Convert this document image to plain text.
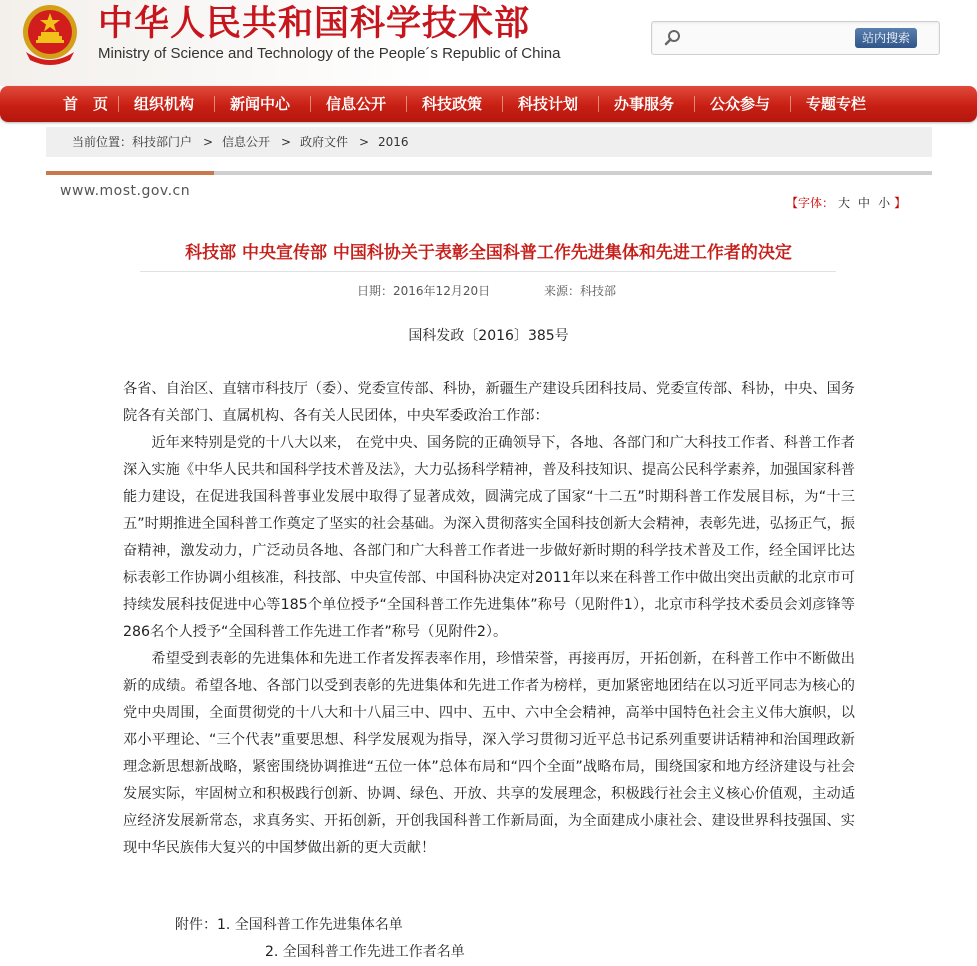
中华人民共和国科学技术部
Ministry of Science and Technology of the People´s Republic of China
站内搜索
首　页 组织机构 新闻中心 信息公开 科技政策 科技计划 办事服务 公众参与 专题专栏
当前位置： 科技部门户 > 信息公开 > 政府文件 > 2016
www.most.gov.cn
【字体： 大 中 小 】
科技部 中央宣传部 中国科协关于表彰全国科普工作先进集体和先进工作者的决定
日期：2016年12月20日	来源：科技部
国科发政〔2016〕385号

各省、自治区、直辖市科技厅（委）、党委宣传部、科协，新疆生产建设兵团科技局、党委宣传部、科协，中央、国务院各有关部门、直属机构、各有关人民团体，中央军委政治工作部：

近年来特别是党的十八大以来， 在党中央、国务院的正确领导下，各地、各部门和广大科技工作者、科普工作者深入实施《中华人民共和国科学技术普及法》，大力弘扬科学精神，普及科技知识、提高公民科学素养，加强国家科普能力建设，在促进我国科普事业发展中取得了显著成效，圆满完成了国家“十二五”时期科普工作发展目标，为“十三五”时期推进全国科普工作奠定了坚实的社会基础。为深入贯彻落实全国科技创新大会精神，表彰先进，弘扬正气，振奋精神，激发动力，广泛动员各地、各部门和广大科普工作者进一步做好新时期的科学技术普及工作，经全国评比达标表彰工作协调小组核准，科技部、中央宣传部、中国科协决定对2011年以来在科普工作中做出突出贡献的北京市可持续发展科技促进中心等185个单位授予“全国科普工作先进集体”称号（见附件1），北京市科学技术委员会刘彦锋等286名个人授予“全国科普工作先进工作者”称号（见附件2）。

希望受到表彰的先进集体和先进工作者发挥表率作用，珍惜荣誉，再接再厉，开拓创新，在科普工作中不断做出新的成绩。希望各地、各部门以受到表彰的先进集体和先进工作者为榜样，更加紧密地团结在以习近平同志为核心的党中央周围，全面贯彻党的十八大和十八届三中、四中、五中、六中全会精神，高举中国特色社会主义伟大旗帜，以邓小平理论、“三个代表”重要思想、科学发展观为指导，深入学习贯彻习近平总书记系列重要讲话精神和治国理政新理念新思想新战略，紧密围绕协调推进“五位一体”总体布局和“四个全面”战略布局，围绕国家和地方经济建设与社会发展实际，牢固树立和积极践行创新、协调、绿色、开放、共享的发展理念，积极践行社会主义核心价值观，主动适应经济发展新常态，求真务实、开拓创新，开创我国科普工作新局面，为全面建成小康社会、建设世界科技强国、实现中华民族伟大复兴的中国梦做出新的更大贡献！

附件：1. 全国科普工作先进集体名单
2. 全国科普工作先进工作者名单
